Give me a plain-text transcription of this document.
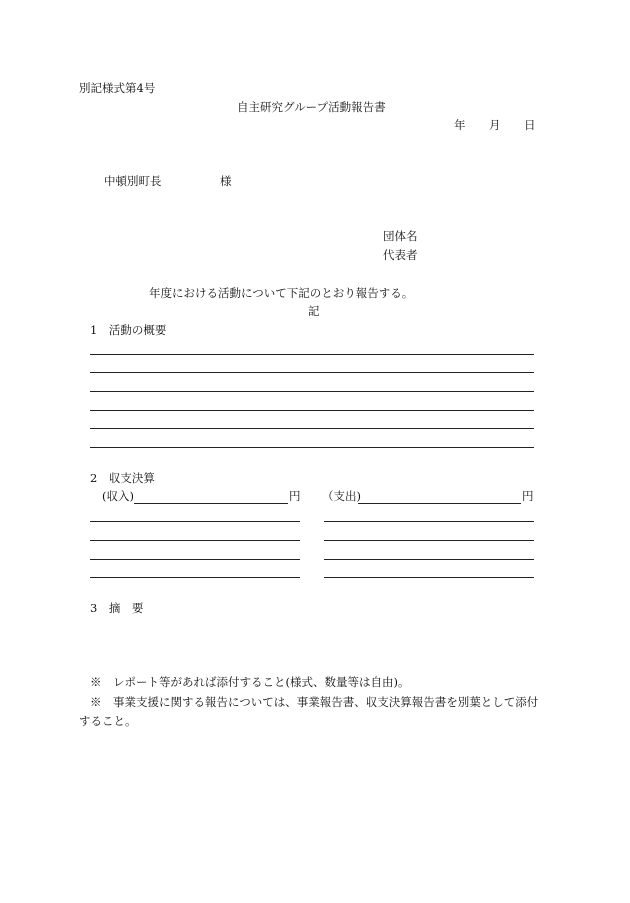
別記様式第4号
自主研究グループ活動報告書
年 月 日
中頓別町長	様
団体名
代表者
年度における活動について下記のとおり報告する。
記
1　活動の概要
2　収支決算
(収入)	円 （支出)	円
3　摘　要
※　レポート等があれば添付すること(様式、数量等は自由)。
※　事業支援に関する報告については、事業報告書、収支決算報告書を別葉として添付
すること。
